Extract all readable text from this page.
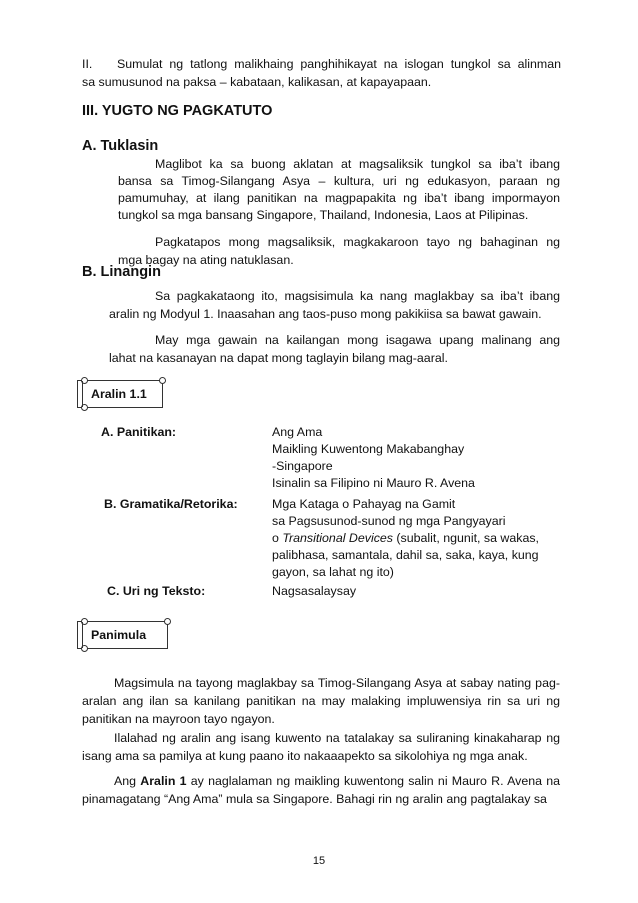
II. Sumulat ng tatlong malikhaing panghihikayat na islogan tungkol sa alinman
sa sumusunod na paksa – kabataan, kalikasan, at kapayapaan.
III. YUGTO NG PAGKATUTO
A. Tuklasin
Maglibot ka sa buong aklatan at magsaliksik tungkol sa iba’t ibang
bansa sa Timog-Silangang Asya – kultura, uri ng edukasyon, paraan ng
pamumuhay, at ilang panitikan na magpapakita ng iba’t ibang impormayon
tungkol sa mga bansang Singapore, Thailand, Indonesia, Laos at Pilipinas.
Pagkatapos mong magsaliksik, magkakaroon tayo ng bahaginan ng
mga bagay na ating natuklasan.
B. Linangin
Sa pagkakataong ito, magsisimula ka nang maglakbay sa iba’t ibang
aralin ng Modyul 1. Inaasahan ang taos-puso mong pakikiisa sa bawat gawain.
May mga gawain na kailangan mong isagawa upang malinang ang
lahat na kasanayan na dapat mong taglayin bilang mag-aaral.
Aralin 1.1
A. Panitikan:	Ang Ama
Maikling Kuwentong Makabanghay
-Singapore
Isinalin sa Filipino ni Mauro R. Avena
B. Gramatika/Retorika:	Mga Kataga o Pahayag na Gamit
sa Pagsusunod-sunod ng mga Pangyayari
o Transitional Devices (subalit, ngunit, sa wakas,
palibhasa, samantala, dahil sa, saka, kaya, kung
gayon, sa lahat ng ito)
C. Uri ng Teksto:	Nagsasalaysay
Panimula

Magsimula na tayong maglakbay sa Timog-Silangang Asya at sabay nating pag-aralan ang ilan sa kanilang panitikan na may malaking impluwensiya rin sa uri ng panitikan na mayroon tayo ngayon.

Ilalahad ng aralin ang isang kuwento na tatalakay sa suliraning kinakaharap ng isang ama sa pamilya at kung paano ito nakaaapekto sa sikolohiya ng mga anak.

Ang Aralin 1 ay naglalaman ng maikling kuwentong salin ni Mauro R. Avena na pinamagatang “Ang Ama” mula sa Singapore. Bahagi rin ng aralin ang pagtalakay sa

15
